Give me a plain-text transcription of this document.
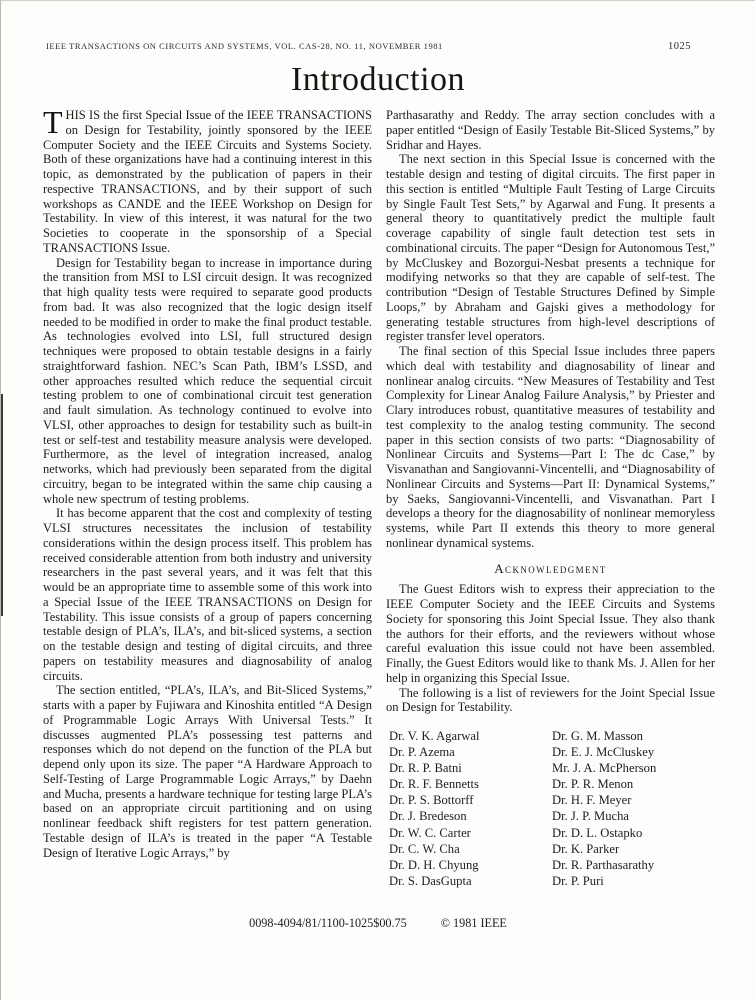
IEEE TRANSACTIONS ON CIRCUITS AND SYSTEMS, VOL. CAS-28, NO. 11, NOVEMBER 1981	1025
Introduction

THIS IS the first Special Issue of the IEEE TRANSACTIONS on Design for Testability, jointly sponsored by the IEEE Computer Society and the IEEE Circuits and Systems Society. Both of these organizations have had a continuing interest in this topic, as demonstrated by the publication of papers in their respective TRANSACTIONS, and by their support of such workshops as CANDE and the IEEE Workshop on Design for Testability. In view of this interest, it was natural for the two Societies to cooperate in the sponsorship of a Special TRANSACTIONS Issue.

Design for Testability began to increase in importance during the transition from MSI to LSI circuit design. It was recognized that high quality tests were required to separate good products from bad. It was also recognized that the logic design itself needed to be modified in order to make the final product testable. As technologies evolved into LSI, full structured design techniques were proposed to obtain testable designs in a fairly straightforward fashion. NEC’s Scan Path, IBM’s LSSD, and other approaches resulted which reduce the sequential circuit testing problem to one of combinational circuit test generation and fault simulation. As technology continued to evolve into VLSI, other approaches to design for testability such as built-in test or self-test and testability measure analysis were developed. Furthermore, as the level of integration increased, analog networks, which had previously been separated from the digital circuitry, began to be integrated within the same chip causing a whole new spectrum of testing problems.

It has become apparent that the cost and complexity of testing VLSI structures necessitates the inclusion of testability considerations within the design process itself. This problem has received considerable attention from both industry and university researchers in the past several years, and it was felt that this would be an appropriate time to assemble some of this work into a Special Issue of the IEEE TRANSACTIONS on Design for Testability. This issue consists of a group of papers concerning testable design of PLA’s, ILA’s, and bit-sliced systems, a section on the testable design and testing of digital circuits, and three papers on testability measures and diagnosability of analog circuits.

The section entitled, “PLA’s, ILA’s, and Bit-Sliced Systems,” starts with a paper by Fujiwara and Kinoshita entitled “A Design of Programmable Logic Arrays With Universal Tests.” It discusses augmented PLA’s possessing test patterns and responses which do not depend on the function of the PLA but depend only upon its size. The paper “A Hardware Approach to Self-Testing of Large Programmable Logic Arrays,” by Daehn and Mucha, presents a hardware technique for testing large PLA’s based on an appropriate circuit partitioning and on using nonlinear feedback shift registers for test pattern generation. Testable design of ILA’s is treated in the paper “A Testable Design of Iterative Logic Arrays,” by

Parthasarathy and Reddy. The array section concludes with a paper entitled “Design of Easily Testable Bit-Sliced Systems,” by Sridhar and Hayes.

The next section in this Special Issue is concerned with the testable design and testing of digital circuits. The first paper in this section is entitled “Multiple Fault Testing of Large Circuits by Single Fault Test Sets,” by Agarwal and Fung. It presents a general theory to quantitatively predict the multiple fault coverage capability of single fault detection test sets in combinational circuits. The paper “Design for Autonomous Test,” by McCluskey and Bozorgui-Nesbat presents a technique for modifying networks so that they are capable of self-test. The contribution “Design of Testable Structures Defined by Simple Loops,” by Abraham and Gajski gives a methodology for generating testable structures from high-level descriptions of register transfer level operators.

The final section of this Special Issue includes three papers which deal with testability and diagnosability of linear and nonlinear analog circuits. “New Measures of Testability and Test Complexity for Linear Analog Failure Analysis,” by Priester and Clary introduces robust, quantitative measures of testability and test complexity to the analog testing community. The second paper in this section consists of two parts: “Diagnosability of Nonlinear Circuits and Systems—Part I: The dc Case,” by Visvanathan and Sangiovanni-Vincentelli, and “Diagnosability of Nonlinear Circuits and Systems—Part II: Dynamical Systems,” by Saeks, Sangiovanni-Vincentelli, and Visvanathan. Part I develops a theory for the diagnosability of nonlinear memoryless systems, while Part II extends this theory to more general nonlinear dynamical systems.

Acknowledgment

The Guest Editors wish to express their appreciation to the IEEE Computer Society and the IEEE Circuits and Systems Society for sponsoring this Joint Special Issue. They also thank the authors for their efforts, and the reviewers without whose careful evaluation this issue could not have been assembled. Finally, the Guest Editors would like to thank Ms. J. Allen for her help in organizing this Special Issue.

The following is a list of reviewers for the Joint Special Issue on Design for Testability.

Dr. V. K. Agarwal
Dr. P. Azema
Dr. R. P. Batni
Dr. R. F. Bennetts
Dr. P. S. Bottorff
Dr. J. Bredeson
Dr. W. C. Carter
Dr. C. W. Cha
Dr. D. H. Chyung
Dr. S. DasGupta
Dr. G. M. Masson
Dr. E. J. McCluskey
Mr. J. A. McPherson
Dr. P. R. Menon
Dr. H. F. Meyer
Dr. J. P. Mucha
Dr. D. L. Ostapko
Dr. K. Parker
Dr. R. Parthasarathy
Dr. P. Puri
0098-4094/81/1100-1025$00.75	© 1981 IEEE
